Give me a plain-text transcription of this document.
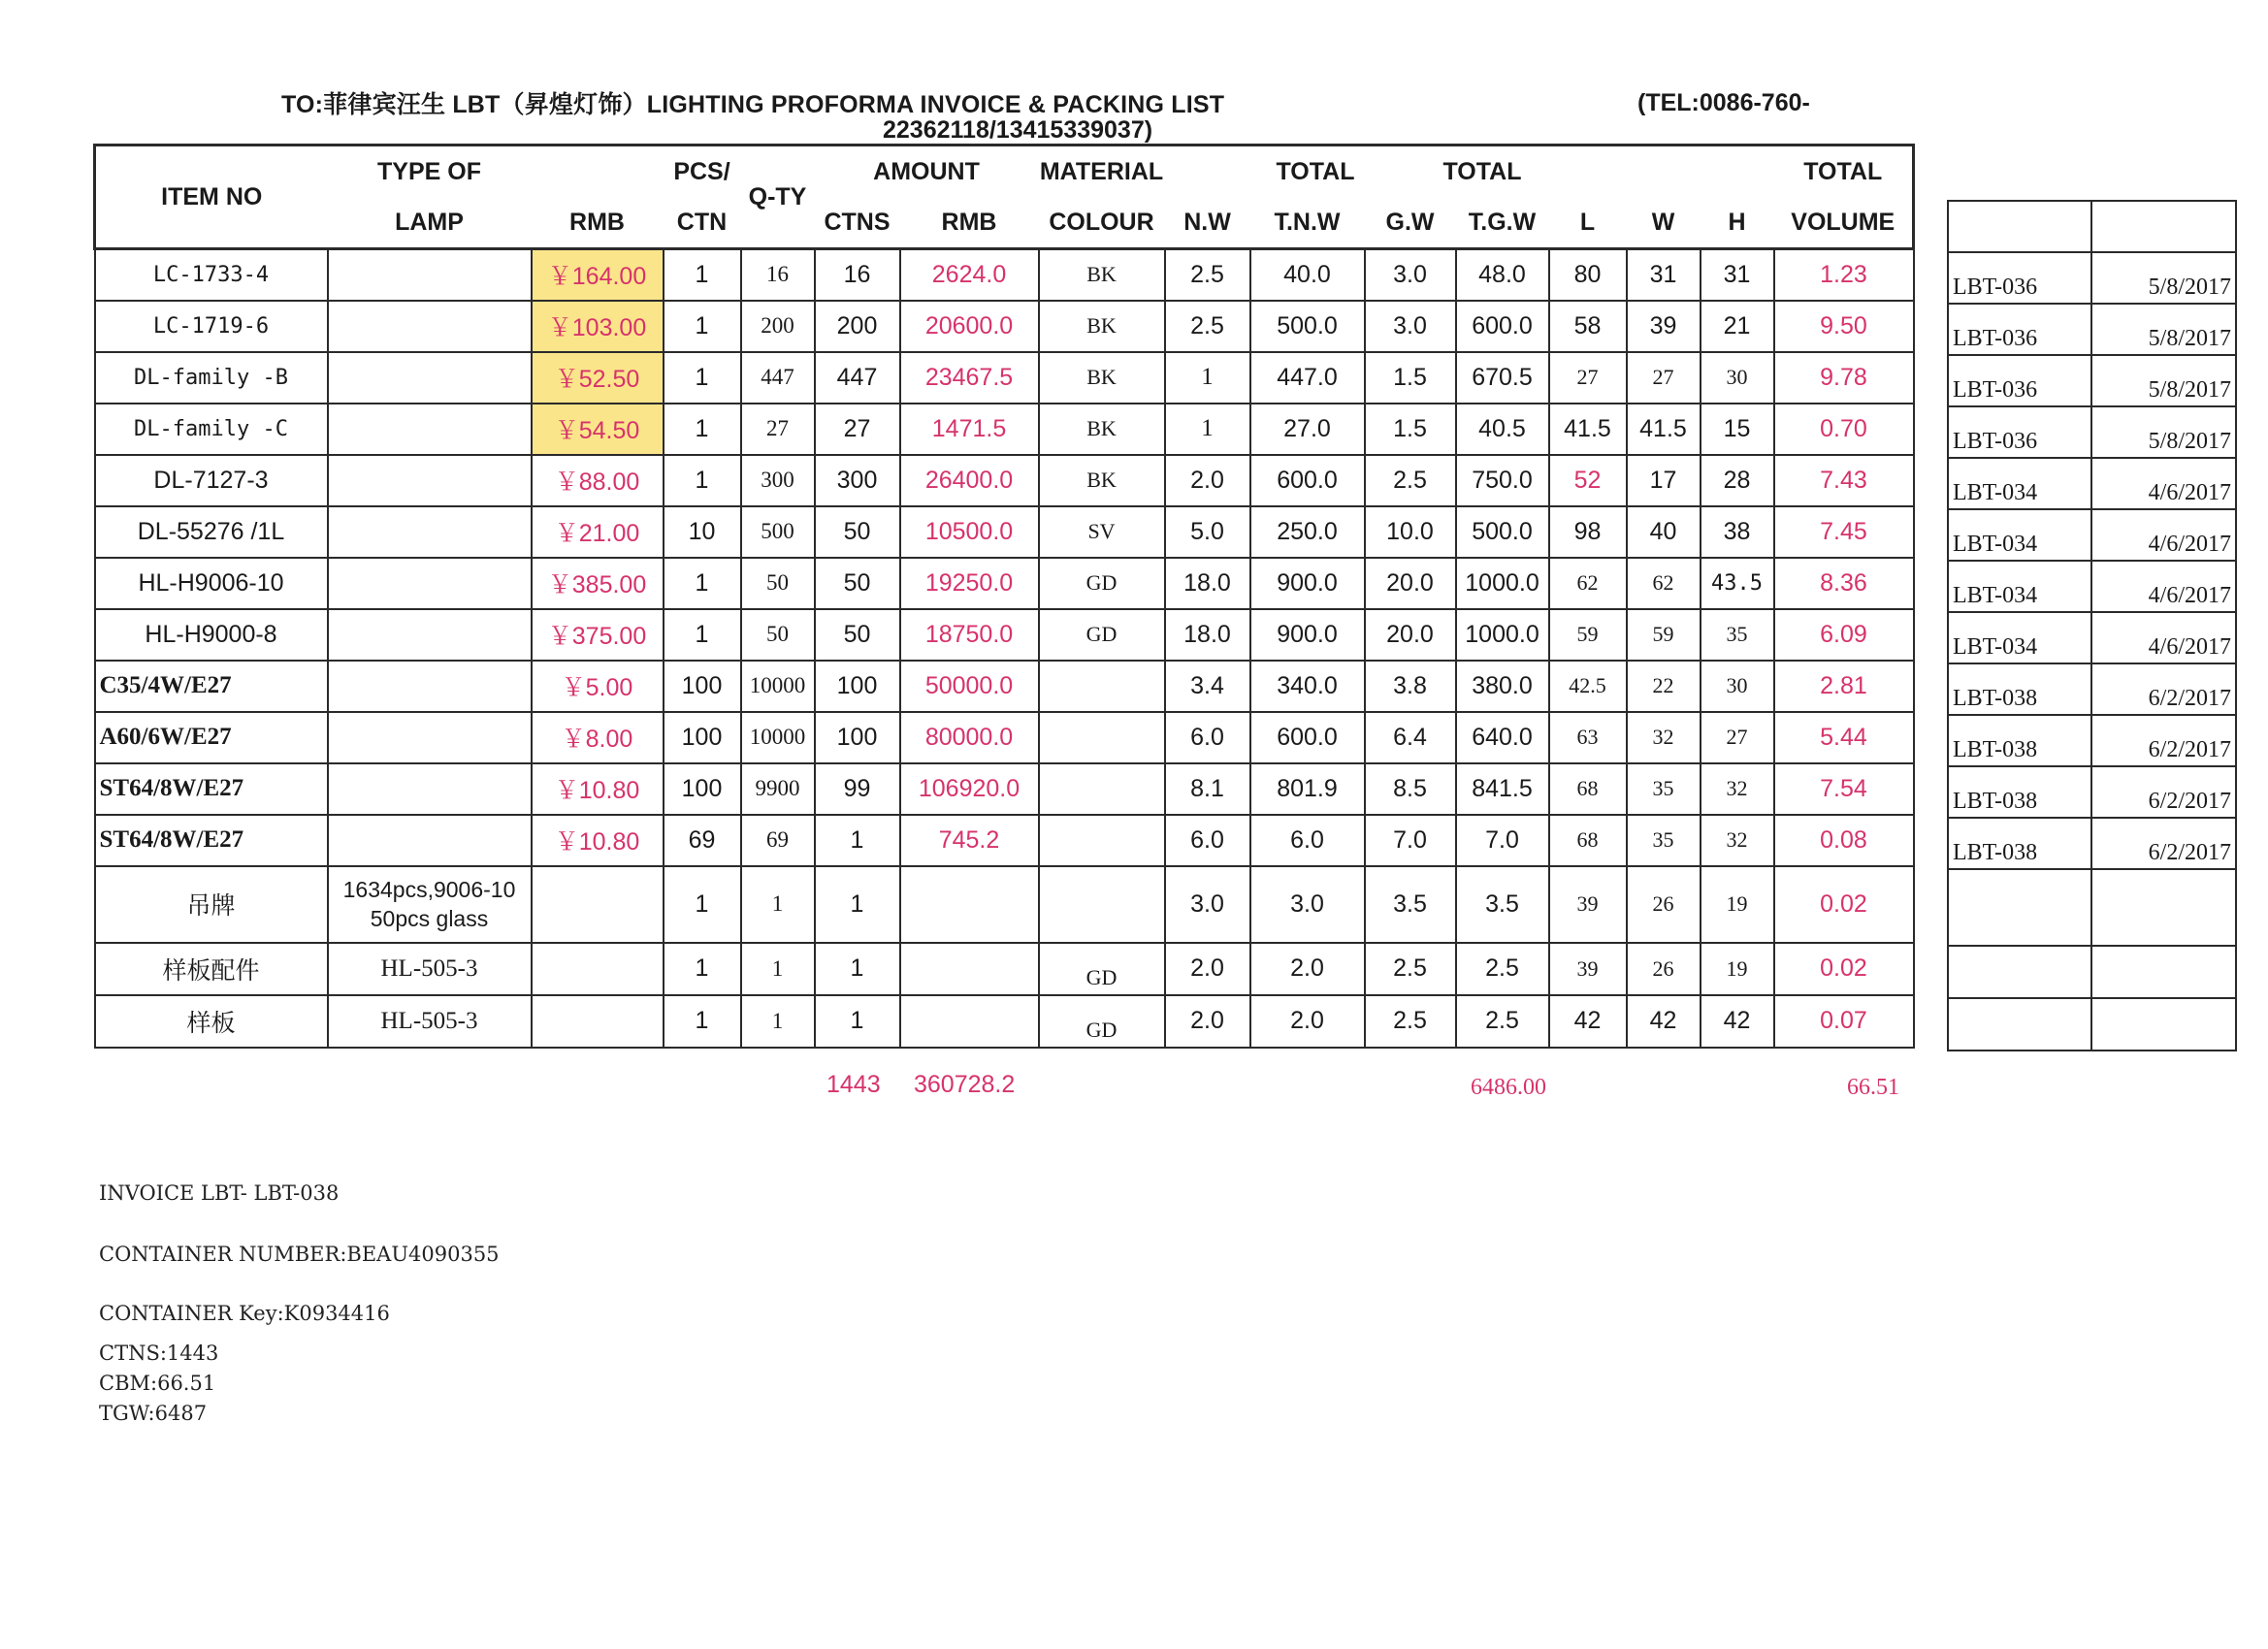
TO:菲律宾汪生 LBT（昇煌灯饰）LIGHTING PROFORMA INVOICE & PACKING LIST	(TEL:0086-760-
22362118/13415339037)
ITEM NO	TYPE OF		PCS/	Q-TY	AMOUNT		MATERIAL	TOTAL		TOTAL					TOTAL
	LAMP	RMB	CTN		CTNS	RMB	COLOUR	N.W	T.N.W	G.W	T.G.W	L	W	H	VOLUME
LC-1733-4		￥164.00	1	16	16	2624.0	BK	2.5	40.0	3.0	48.0	80	31	31	1.23
LC-1719-6		￥103.00	1	200	200	20600.0	BK	2.5	500.0	3.0	600.0	58	39	21	9.50
DL-family -B		￥52.50	1	447	447	23467.5	BK	1	447.0	1.5	670.5	27	27	30	9.78
DL-family -C		￥54.50	1	27	27	1471.5	BK	1	27.0	1.5	40.5	41.5	41.5	15	0.70
DL-7127-3		￥88.00	1	300	300	26400.0	BK	2.0	600.0	2.5	750.0	52	17	28	7.43
DL-55276 /1L		￥21.00	10	500	50	10500.0	SV	5.0	250.0	10.0	500.0	98	40	38	7.45
HL-H9006-10		￥385.00	1	50	50	19250.0	GD	18.0	900.0	20.0	1000.0	62	62	43.5	8.36
HL-H9000-8		￥375.00	1	50	50	18750.0	GD	18.0	900.0	20.0	1000.0	59	59	35	6.09
C35/4W/E27		￥5.00	100	10000	100	50000.0		3.4	340.0	3.8	380.0	42.5	22	30	2.81
A60/6W/E27		￥8.00	100	10000	100	80000.0		6.0	600.0	6.4	640.0	63	32	27	5.44
ST64/8W/E27		￥10.80	100	9900	99	106920.0		8.1	801.9	8.5	841.5	68	35	32	7.54
ST64/8W/E27		￥10.80	69	69	1	745.2		6.0	6.0	7.0	7.0	68	35	32	0.08
吊牌	1634pcs,9006-10 50pcs glass		1	1	1			3.0	3.0	3.5	3.5	39	26	19	0.02
样板配件	HL-505-3		1	1	1		GD	2.0	2.0	2.5	2.5	39	26	19	0.02
样板	HL-505-3		1	1	1		GD	2.0	2.0	2.5	2.5	42	42	42	0.07

LBT-036	5/8/2017
LBT-036	5/8/2017
LBT-036	5/8/2017
LBT-036	5/8/2017
LBT-034	4/6/2017
LBT-034	4/6/2017
LBT-034	4/6/2017
LBT-034	4/6/2017
LBT-038	6/2/2017
LBT-038	6/2/2017
LBT-038	6/2/2017
LBT-038	6/2/2017

1443 360728.2	6486.00	66.51
INVOICE LBT- LBT-038
CONTAINER NUMBER:BEAU4090355
CONTAINER Key:K0934416
CTNS:1443
CBM:66.51
TGW:6487
